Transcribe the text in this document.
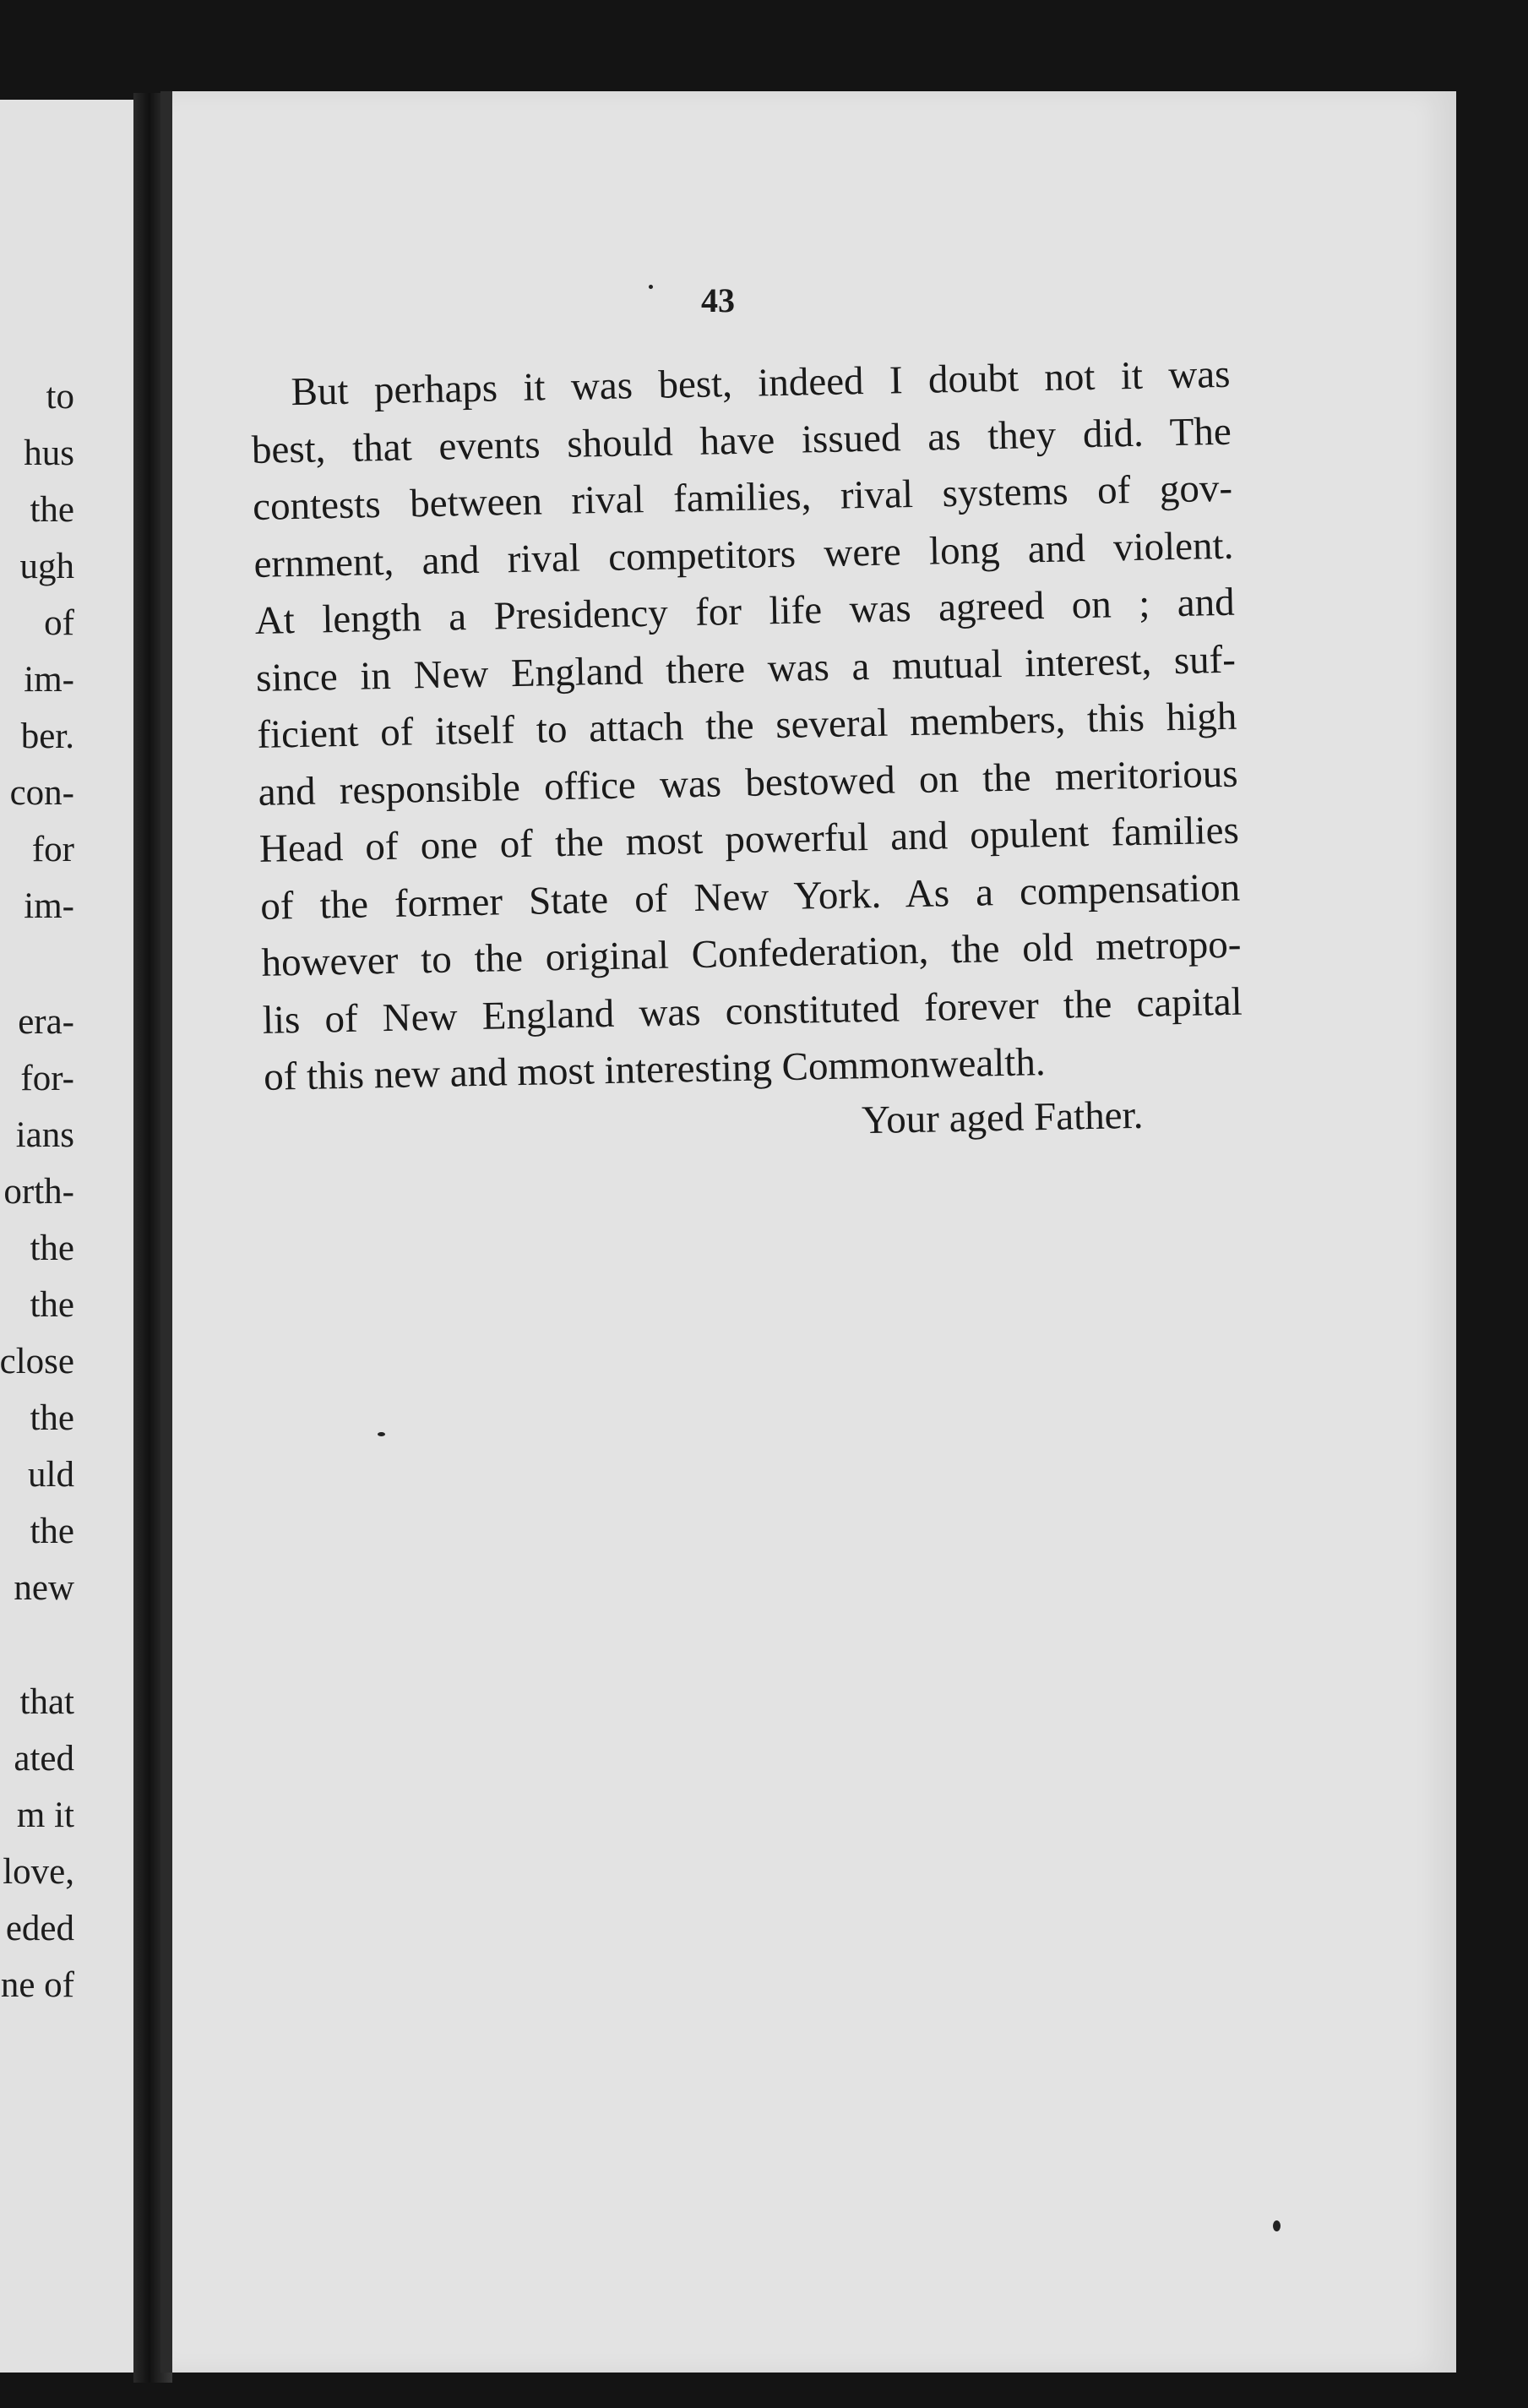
to
hus
the
ugh
of
im-
ber.
con-
for
im-
era-
for-
ians
orth-
the
the
close
the
uld
the
new
that
ated
m it
love,
eded
ne of
43
But perhaps it was best, indeed I doubt not it was
best, that events should have issued as they did. The
contests between rival families, rival systems of gov-
ernment, and rival competitors were long and violent.
At length a Presidency for life was agreed on ; and
since in New England there was a mutual interest, suf-
ficient of itself to attach the several members, this high
and responsible office was bestowed on the meritorious
Head of one of the most powerful and opulent families
of the former State of New York. As a compensation
however to the original Confederation, the old metropo-
lis of New England was constituted forever the capital
of this new and most interesting Commonwealth.
Your aged Father.
